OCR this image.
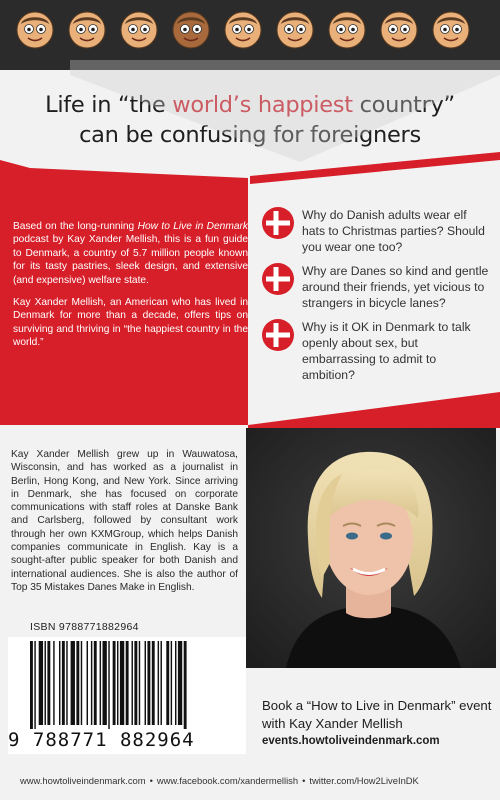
Life in “the world’s happiest country”
can be confusing for foreigners

Based on the long-running How to Live in Denmark podcast by Kay Xander Mellish, this is a fun guide to Denmark, a country of 5.7 million people known for its tasty pastries, sleek design, and extensive (and expensive) welfare state.

Kay Xander Mellish, an American who has lived in Denmark for more than a decade, offers tips on surviving and thriving in “the happiest country in the world.”

Why do Danish adults wear elf hats to Christmas parties? Should you wear one too?
Why are Danes so kind and gentle around their friends, yet vicious to strangers in bicycle lanes?
Why is it OK in Denmark to talk openly about sex, but embarrassing to admit to ambition?
Kay Xander Mellish grew up in Wauwatosa, Wisconsin, and has worked as a journalist in Berlin, Hong Kong, and New York. Since arriving in Denmark, she has focused on corporate communications with staff roles at Danske Bank and Carlsberg, followed by consultant work through her own KXMGroup, which helps Danish companies communicate in English. Kay is a sought-after public speaker for both Danish and international audiences. She is also the author of Top 35 Mistakes Danes Make in English.
ISBN 9788771882964
9 788771 882964
Book a “How to Live in Denmark” event with Kay Xander Mellish
events.howtoliveindenmark.com
www.howtoliveindenmark.com • www.facebook.com/xandermellish • twitter.com/How2LiveInDK
